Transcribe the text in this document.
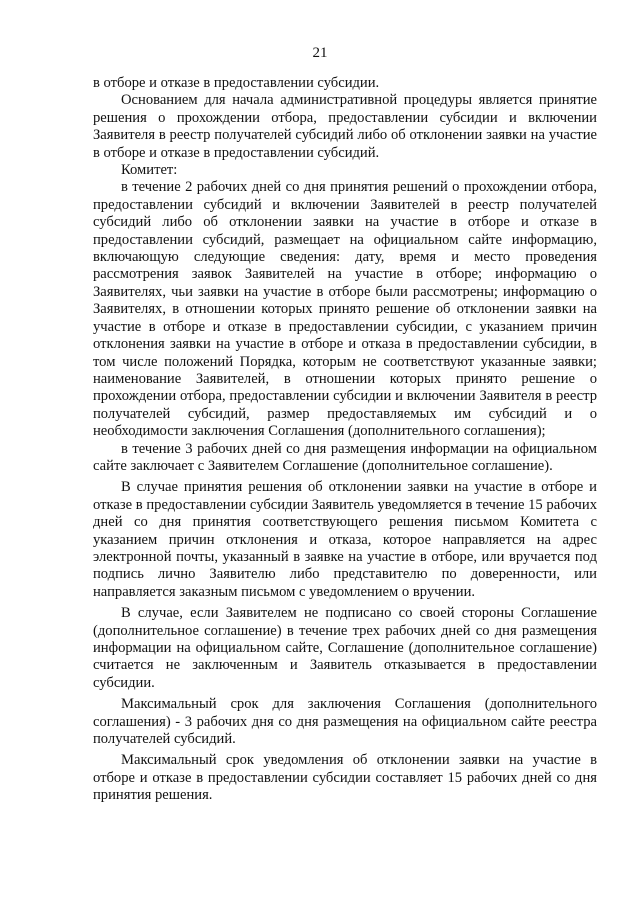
21

в отборе и отказе в предоставлении субсидии.

Основанием для начала административной процедуры является принятие решения о прохождении отбора, предоставлении субсидии и включении Заявителя в реестр получателей субсидий либо об отклонении заявки на участие в отборе и отказе в предоставлении субсидий.

Комитет:

в течение 2 рабочих дней со дня принятия решений о прохождении отбора, предоставлении субсидий и включении Заявителей в реестр получателей субсидий либо об отклонении заявки на участие в отборе и отказе в предоставлении субсидий, размещает на официальном сайте информацию, включающую следующие сведения: дату, время и место проведения рассмотрения заявок Заявителей на участие в отборе; информацию о Заявителях, чьи заявки на участие в отборе были рассмотрены; информацию о Заявителях, в отношении которых принято решение об отклонении заявки на участие в отборе и отказе в предоставлении субсидии, с указанием причин отклонения заявки на участие в отборе и отказа в предоставлении субсидии, в том числе положений Порядка, которым не соответствуют указанные заявки; наименование Заявителей, в отношении которых принято решение о прохождении отбора, предоставлении субсидии и включении Заявителя в реестр получателей субсидий, размер предоставляемых им субсидий и о необходимости заключения Соглашения (дополнительного соглашения);

в течение 3 рабочих дней со дня размещения информации на официальном сайте заключает с Заявителем Соглашение (дополнительное соглашение).

В случае принятия решения об отклонении заявки на участие в отборе и отказе в предоставлении субсидии Заявитель уведомляется в течение 15 рабочих дней со дня принятия соответствующего решения письмом Комитета с указанием причин отклонения и отказа, которое направляется на адрес электронной почты, указанный в заявке на участие в отборе, или вручается под подпись лично Заявителю либо представителю по доверенности, или направляется заказным письмом с уведомлением о вручении.

В случае, если Заявителем не подписано со своей стороны Соглашение (дополнительное соглашение) в течение трех рабочих дней со дня размещения информации на официальном сайте, Соглашение (дополнительное соглашение) считается не заключенным и Заявитель отказывается в предоставлении субсидии.

Максимальный срок для заключения Соглашения (дополнительного соглашения) - 3 рабочих дня со дня размещения на официальном сайте реестра получателей субсидий.

Максимальный срок уведомления об отклонении заявки на участие в отборе и отказе в предоставлении субсидии составляет 15 рабочих дней со дня принятия решения.
